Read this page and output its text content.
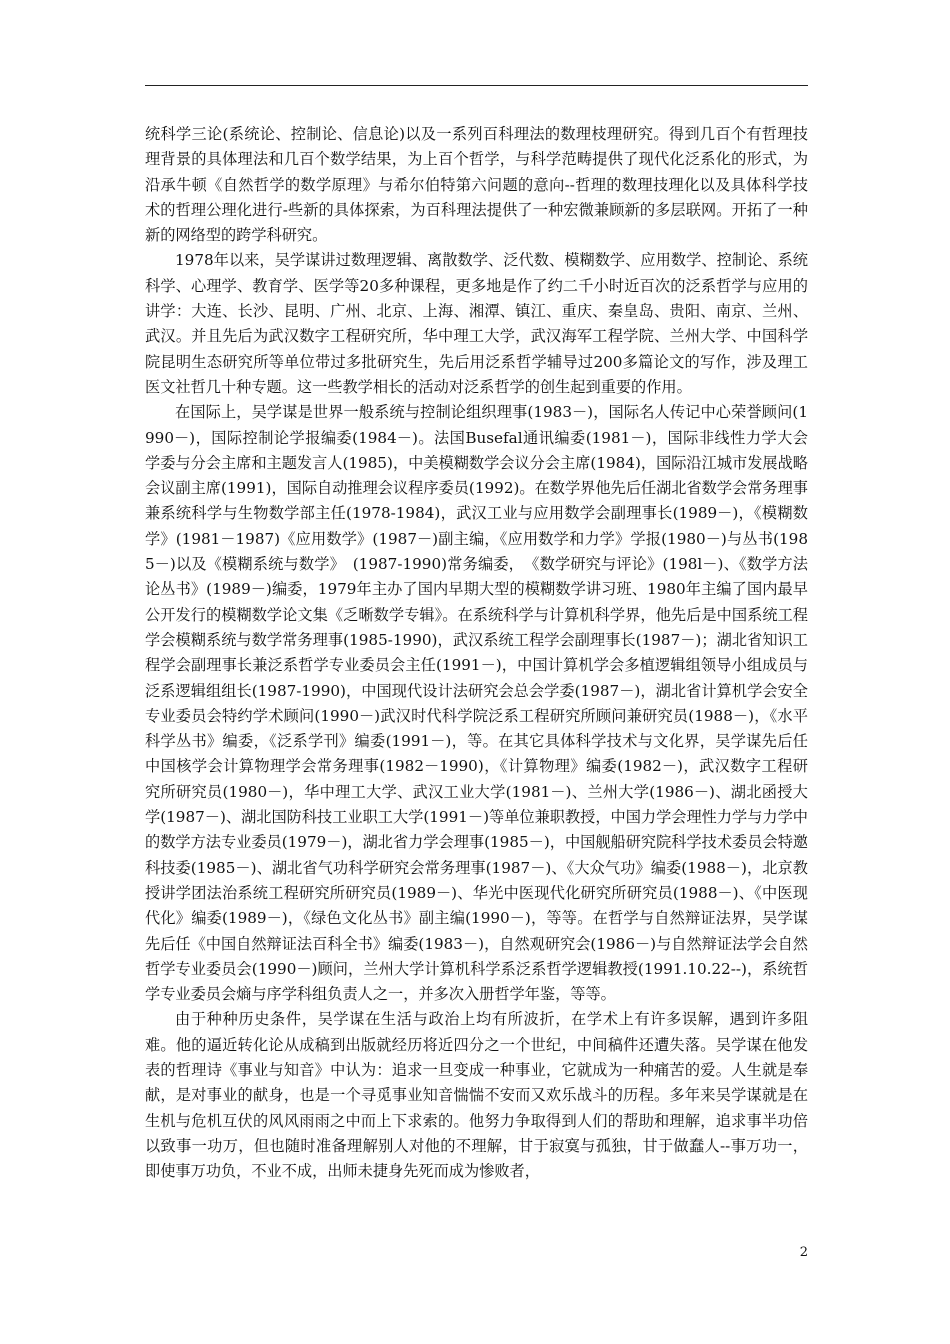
统科学三论(系统论、控制论、信息论)以及一系列百科理法的数理枝理研究。得到几百个有哲理技理背景的具体理法和几百个数学结果，为上百个哲学，与科学范畴提供了现代化泛系化的形式，为沿承牛顿《自然哲学的数学原理》与希尔伯特第六问题的意向--哲理的数理技理化以及具体科学技术的哲理公理化进行-些新的具体探索，为百科理法提供了一种宏微兼顾新的多层联网。开拓了一种新的网络型的跨学科研究。

1978年以来，吴学谋讲过数理逻辑、离散数学、泛代数、模糊数学、应用数学、控制论、系统科学、心理学、教育学、医学等20多种课程，更多地是作了约二千小时近百次的泛系哲学与应用的讲学：大连、长沙、昆明、广州、北京、上海、湘潭、镇江、重庆、秦皇岛、贵阳、南京、兰州、武汉。并且先后为武汉数字工程研究所，华中理工大学，武汉海军工程学院、兰州大学、中国科学院昆明生态研究所等单位带过多批研究生，先后用泛系哲学辅导过200多篇论文的写作，涉及理工医文社哲几十种专题。这一些教学相长的活动对泛系哲学的创生起到重要的作用。

在国际上，吴学谋是世界一般系统与控制论组织理事(1983－)，国际名人传记中心荣誉顾问(1990－)，国际控制论学报编委(1984－)。法国Busefal通讯编委(1981－)，国际非线性力学大会学委与分会主席和主题发言人(1985)，中美模糊数学会议分会主席(1984)，国际沿江城市发展战略会议副主席(1991)，国际自动推理会议程序委员(1992)。在数学界他先后任湖北省数学会常务理事兼系统科学与生物数学部主任(1978-1984)，武汉工业与应用数学会副理事长(1989－)，《模糊数学》(1981－1987)《应用数学》(1987－)副主编，《应用数学和力学》学报(1980－)与丛书(1985－)以及《模糊系统与数学》　(1987-1990)常务编委，　《数学研究与评论》(198l－)、《数学方法论丛书》(1989－)编委，1979年主办了国内早期大型的模糊数学讲习班、1980年主编了国内最早公开发行的模糊数学论文集《乏晰数学专辑》。在系统科学与计算机科学界，他先后是中国系统工程学会模糊系统与数学常务理事(1985-1990)，武汉系统工程学会副理事长(1987－)；湖北省知识工程学会副理事长兼泛系哲学专业委员会主任(1991－)，中国计算机学会多植逻辑组领导小组成员与泛系逻辑组组长(1987-1990)，中国现代设计法研究会总会学委(1987－)，湖北省计算机学会安全专业委员会特约学术顾问(1990－)武汉时代科学院泛系工程研究所顾问兼研究员(1988－)，《水平科学丛书》编委，《泛系学刊》编委(1991－)，等。在其它具体科学技术与文化界，吴学谋先后任中国核学会计算物理学会常务理事(1982－1990)，《计算物理》编委(1982－)，武汉数字工程研究所研究员(1980－)，华中理工大学、武汉工业大学(1981－)、兰州大学(1986－)、湖北函授大学(1987－)、湖北国防科技工业职工大学(1991－)等单位兼职教授，中国力学会理性力学与力学中的数学方法专业委员(1979－)，湖北省力学会理事(1985－)，中国舰船研究院科学技术委员会特邀科技委(1985－)、湖北省气功科学研究会常务理事(1987－)、《大众气功》编委(1988－)，北京教授讲学团法治系统工程研究所研究员(1989－)、华光中医现代化研究所研究员(1988－)、《中医现代化》编委(1989－)，《绿色文化丛书》副主编(1990－)，等等。在哲学与自然辩证法界，吴学谋先后任《中国自然辩证法百科全书》编委(1983－)，自然观研究会(1986－)与自然辩证法学会自然哲学专业委员会(1990－)顾问，兰州大学计算机科学系泛系哲学逻辑教授(1991.10.22--)，系统哲学专业委员会熵与序学科组负责人之一，并多次入册哲学年鉴，等等。

由于种种历史条件，吴学谋在生活与政治上均有所波折，在学术上有许多误解，遇到许多阻难。他的逼近转化论从成稿到出版就经历将近四分之一个世纪，中间稿件还遭失落。吴学谋在他发表的哲理诗《事业与知音》中认为：追求一旦变成一种事业，它就成为一种痛苦的爱。人生就是奉献，是对事业的献身，也是一个寻觅事业知音惴惴不安而又欢乐战斗的历程。多年来吴学谋就是在生机与危机互伏的风风雨雨之中而上下求索的。他努力争取得到人们的帮助和理解，追求事半功倍以致事一功万，但也随时准备理解别人对他的不理解，甘于寂寞与孤独，甘于做蠢人--事万功一，即使事万功负，不业不成，出师未捷身先死而成为惨败者，

2
